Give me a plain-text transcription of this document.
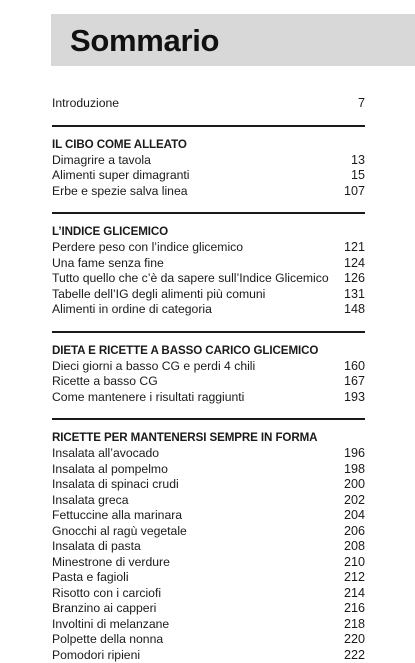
Sommario
Introduzione	7
IL CIBO COME ALLEATO
Dimagrire a tavola	13
Alimenti super dimagranti	15
Erbe e spezie salva linea	107
L’INDICE GLICEMICO
Perdere peso con l’indice glicemico	121
Una fame senza fine	124
Tutto quello che c’è da sapere sull’Indice Glicemico 126
Tabelle dell’IG degli alimenti più comuni	131
Alimenti in ordine di categoria	148
DIETA E RICETTE A BASSO CARICO GLICEMICO
Dieci giorni a basso CG e perdi 4 chili	160
Ricette a basso CG	167
Come mantenere i risultati raggiunti	193
RICETTE PER MANTENERSI SEMPRE IN FORMA
Insalata all’avocado	196
Insalata al pompelmo	198
Insalata di spinaci crudi	200
Insalata greca	202
Fettuccine alla marinara	204
Gnocchi al ragù vegetale	206
Insalata di pasta	208
Minestrone di verdure	210
Pasta e fagioli	212
Risotto con i carciofi	214
Branzino ai capperi	216
Involtini di melanzane	218
Polpette della nonna	220
Pomodori ripieni	222
